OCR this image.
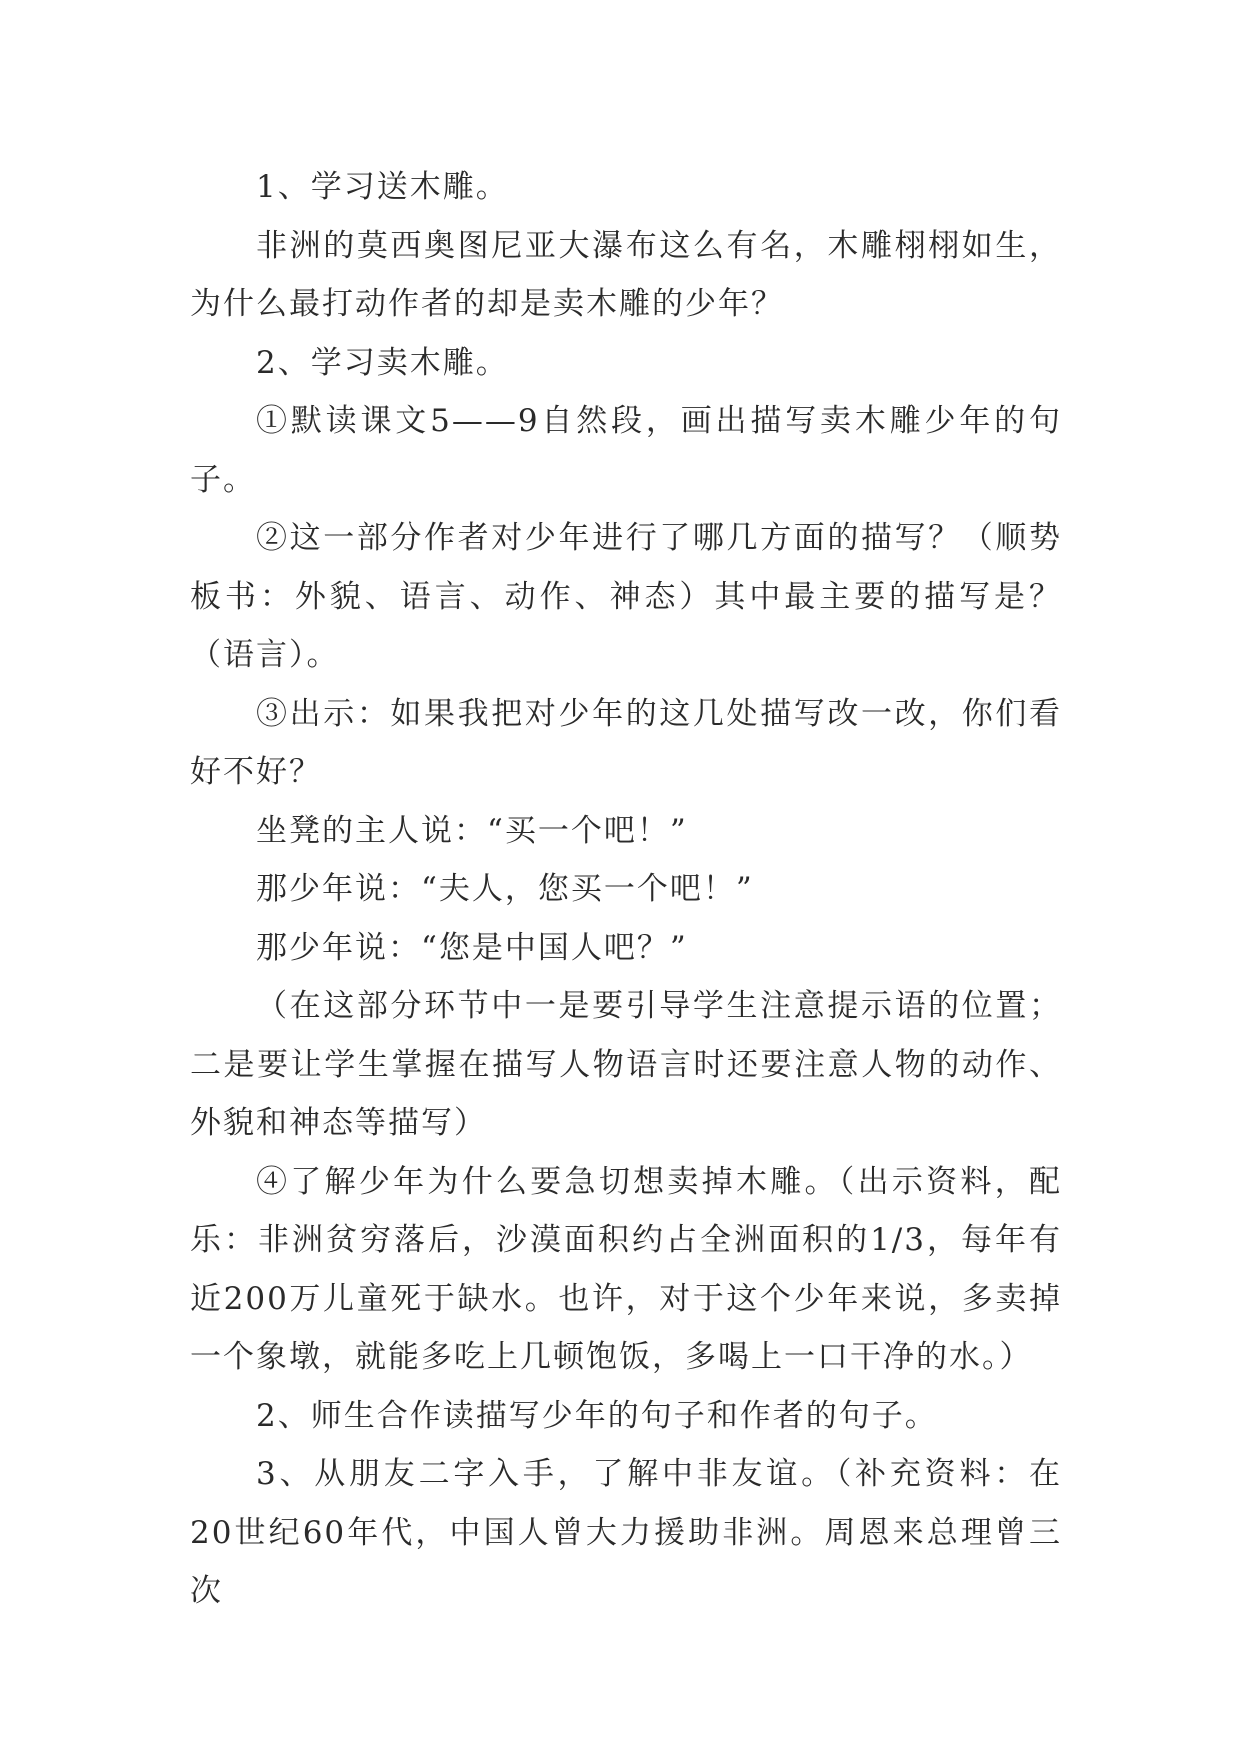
1、学习送木雕。

非洲的莫西奥图尼亚大瀑布这么有名，木雕栩栩如生，为什么最打动作者的却是卖木雕的少年？

2、学习卖木雕。

①默读课文5——9自然段，画出描写卖木雕少年的句子。

②这一部分作者对少年进行了哪几方面的描写？（顺势板书：外貌、语言、动作、神态）其中最主要的描写是？（语言）。

③出示：如果我把对少年的这几处描写改一改，你们看好不好？

坐凳的主人说：“买一个吧！”

那少年说：“夫人，您买一个吧！”

那少年说：“您是中国人吧？”

（在这部分环节中一是要引导学生注意提示语的位置；二是要让学生掌握在描写人物语言时还要注意人物的动作、外貌和神态等描写）

④了解少年为什么要急切想卖掉木雕。（出示资料，配乐：非洲贫穷落后，沙漠面积约占全洲面积的1/3，每年有近200万儿童死于缺水。也许，对于这个少年来说，多卖掉一个象墩，就能多吃上几顿饱饭，多喝上一口干净的水。）

2、师生合作读描写少年的句子和作者的句子。

3、从朋友二字入手，了解中非友谊。（补充资料：在20世纪60年代，中国人曾大力援助非洲。周恩来总理曾三次
